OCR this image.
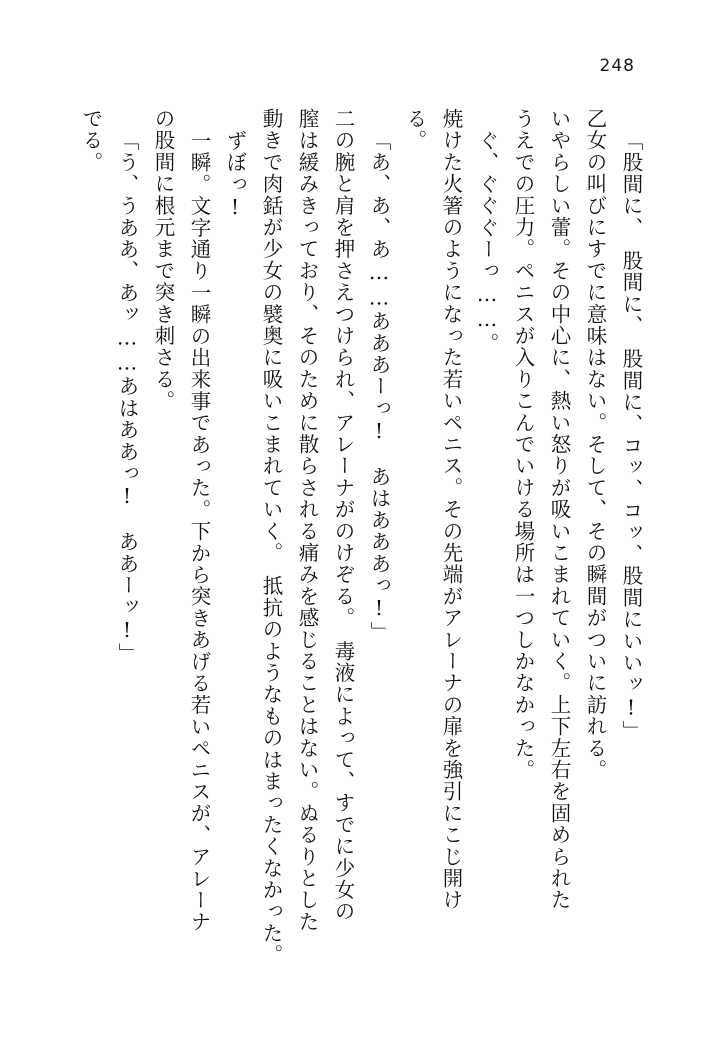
248
「股間に、　股間に、　股間に、コッ、コッ、股間にいいッ!」
乙女の叫びにすでに意味はない。そして、その瞬間がついに訪れる。
いやらしい蕾。その中心に、熱い怒りが吸いこまれていく。上下左右を固められた
うえでの圧力。ペニスが入りこんでいける場所は一つしかなかった。
ぐ、ぐぐぐーっ……。
焼けた火箸のようになった若いペニス。その先端がアレーナの扉を強引にこじ開け
る。
「あ、あ、あ……あああーっ!　あはあああっ!」
二の腕と肩を押さえつけられ、アレーナがのけぞる。　毒液によって、すでに少女の
膣は緩みきっており、そのために散らされる痛みを感じることはない。ぬるりとした
動きで肉銛が少女の襞奥に吸いこまれていく。　抵抗のようなものはまったくなかった。
ずぼっ!
一瞬。文字通り一瞬の出来事であった。下から突きあげる若いペニスが、アレーナ
の股間に根元まで突き刺さる。
「う、うああ、あッ……あはああっ!　ああーッ!」
でる。
